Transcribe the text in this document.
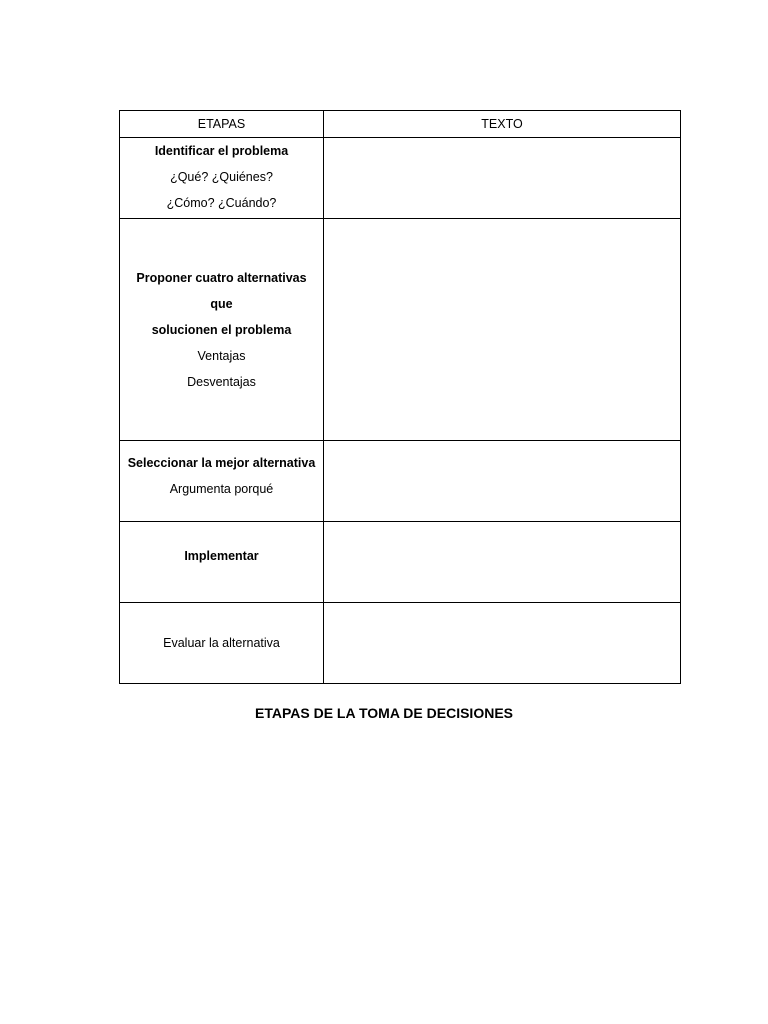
ETAPAS	TEXTO

Identificar el problema
¿Qué? ¿Quiénes?
¿Cómo? ¿Cuándo?	

Proponer cuatro alternativas que
solucionen el problema
Ventajas
Desventajas	

Seleccionar la mejor alternativa
Argumenta porqué	

Implementar	

Evaluar la alternativa	

ETAPAS DE LA TOMA DE DECISIONES
